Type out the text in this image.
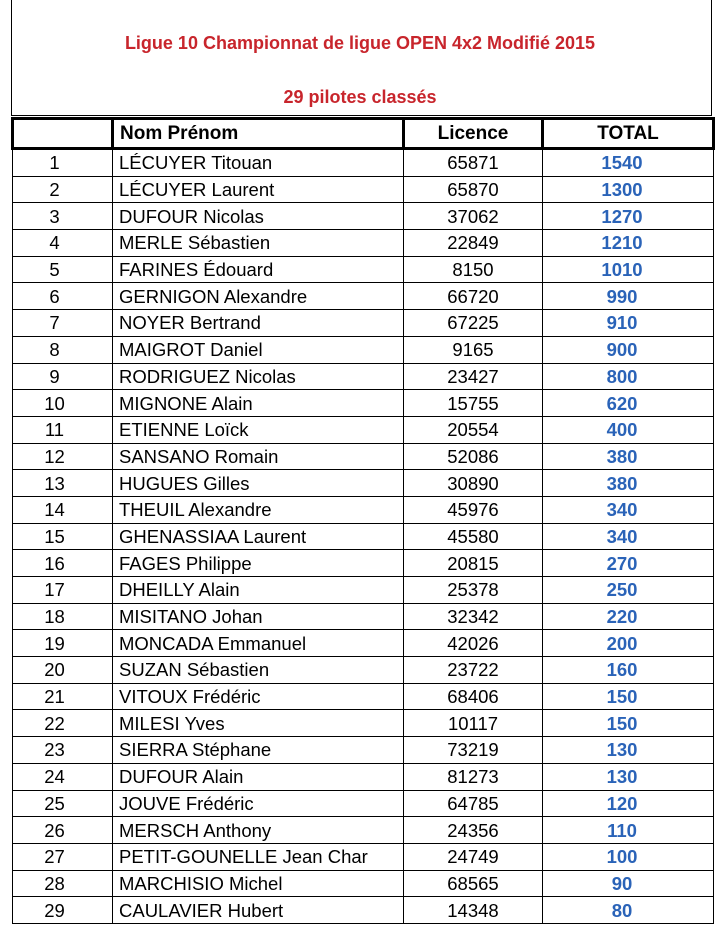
Ligue 10 Championnat de ligue OPEN 4x2 Modifié 2015
29 pilotes classés
	Nom Prénom	Licence	TOTAL
1	LÉCUYER Titouan	65871	1540
2	LÉCUYER Laurent	65870	1300
3	DUFOUR Nicolas	37062	1270
4	MERLE Sébastien	22849	1210
5	FARINES Édouard	8150	1010
6	GERNIGON Alexandre	66720	990
7	NOYER Bertrand	67225	910
8	MAIGROT Daniel	9165	900
9	RODRIGUEZ Nicolas	23427	800
10	MIGNONE Alain	15755	620
11	ETIENNE Loïck	20554	400
12	SANSANO Romain	52086	380
13	HUGUES Gilles	30890	380
14	THEUIL Alexandre	45976	340
15	GHENASSIAA Laurent	45580	340
16	FAGES Philippe	20815	270
17	DHEILLY Alain	25378	250
18	MISITANO Johan	32342	220
19	MONCADA Emmanuel	42026	200
20	SUZAN Sébastien	23722	160
21	VITOUX Frédéric	68406	150
22	MILESI Yves	10117	150
23	SIERRA Stéphane	73219	130
24	DUFOUR Alain	81273	130
25	JOUVE Frédéric	64785	120
26	MERSCH Anthony	24356	110
27	PETIT-GOUNELLE Jean Char	24749	100
28	MARCHISIO Michel	68565	90
29	CAULAVIER Hubert	14348	80
